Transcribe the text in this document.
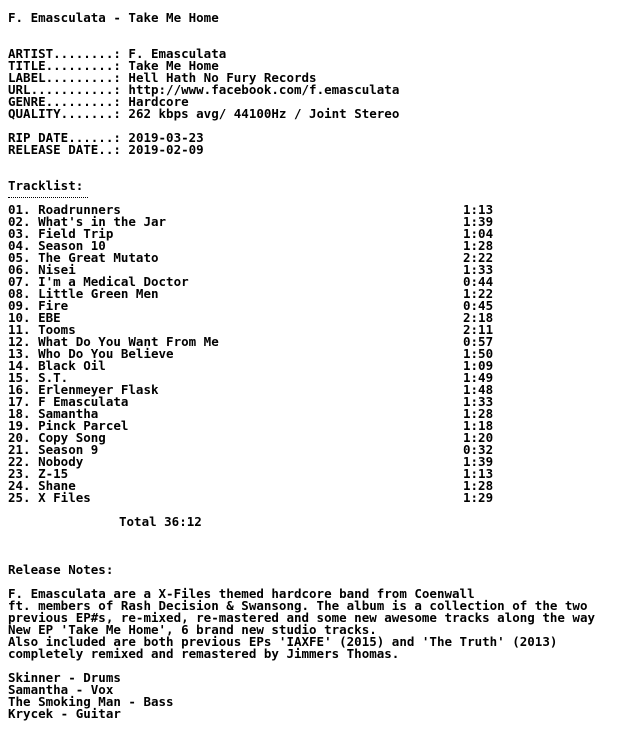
F. Emasculata - Take Me Home
ARTIST........: F. Emasculata
TITLE.........: Take Me Home
LABEL.........: Hell Hath No Fury Records
URL...........: http://www.facebook.com/f.emasculata
GENRE.........: Hardcore
QUALITY.......: 262 kbps avg/ 44100Hz / Joint Stereo
RIP DATE......: 2019-03-23
RELEASE DATE..: 2019-02-09
Tracklist:
01. Roadrunners	1:13
02. What's in the Jar	1:39
03. Field Trip	1:04
04. Season 10	1:28
05. The Great Mutato	2:22
06. Nisei	1:33
07. I'm a Medical Doctor	0:44
08. Little Green Men	1:22
09. Fire	0:45
10. EBE	2:18
11. Tooms	2:11
12. What Do You Want From Me	0:57
13. Who Do You Believe	1:50
14. Black Oil	1:09
15. S.T.	1:49
16. Erlenmeyer Flask	1:48
17. F Emasculata	1:33
18. Samantha	1:28
19. Pinck Parcel	1:18
20. Copy Song	1:20
21. Season 9	0:32
22. Nobody	1:39
23. Z-15	1:13
24. Shane	1:28
25. X Files	1:29
Total 36:12
Release Notes:
F. Emasculata are a X-Files themed hardcore band from Coenwall
ft. members of Rash Decision & Swansong. The album is a collection of the two
previous EP#s, re-mixed, re-mastered and some new awesome tracks along the way
New EP 'Take Me Home', 6 brand new studio tracks.
Also included are both previous EPs 'IAXFE' (2015) and 'The Truth' (2013)
completely remixed and remastered by Jimmers Thomas.
Skinner - Drums
Samantha - Vox
The Smoking Man - Bass
Krycek - Guitar
